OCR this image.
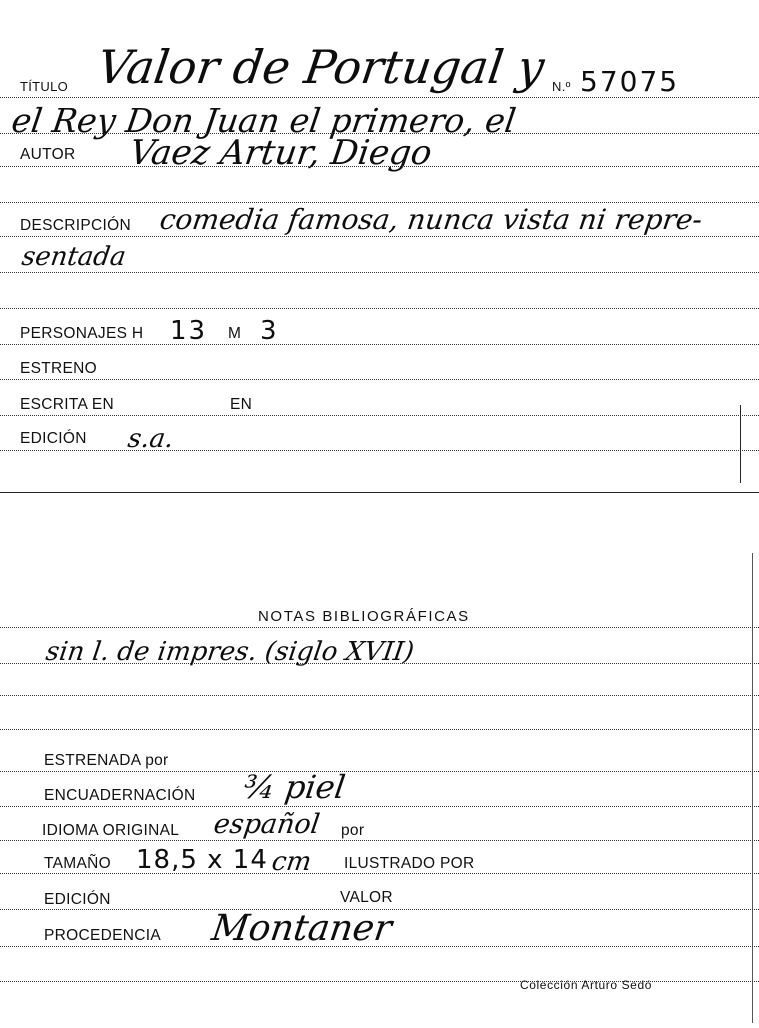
TÍTULO Valor de Portugal y N.º 57075
el Rey Don Juan el primero, el
AUTOR Vaez Artur, Diego
DESCRIPCIÓN comedia famosa, nunca vista ni repre-
sentada
PERSONAJES H 13 M 3
ESTRENO
ESCRITA EN	EN
EDICIÓN s.a.
NOTAS BIBLIOGRÁFICAS
sin l. de impres. (siglo XVII)
ESTRENADA por
ENCUADERNACIÓN ¾ piel
IDIOMA ORIGINAL español por
TAMAÑO 18,5 x 14 cm ILUSTRADO POR
EDICIÓN	VALOR
PROCEDENCIA Montaner
Colección Arturo Sedó
